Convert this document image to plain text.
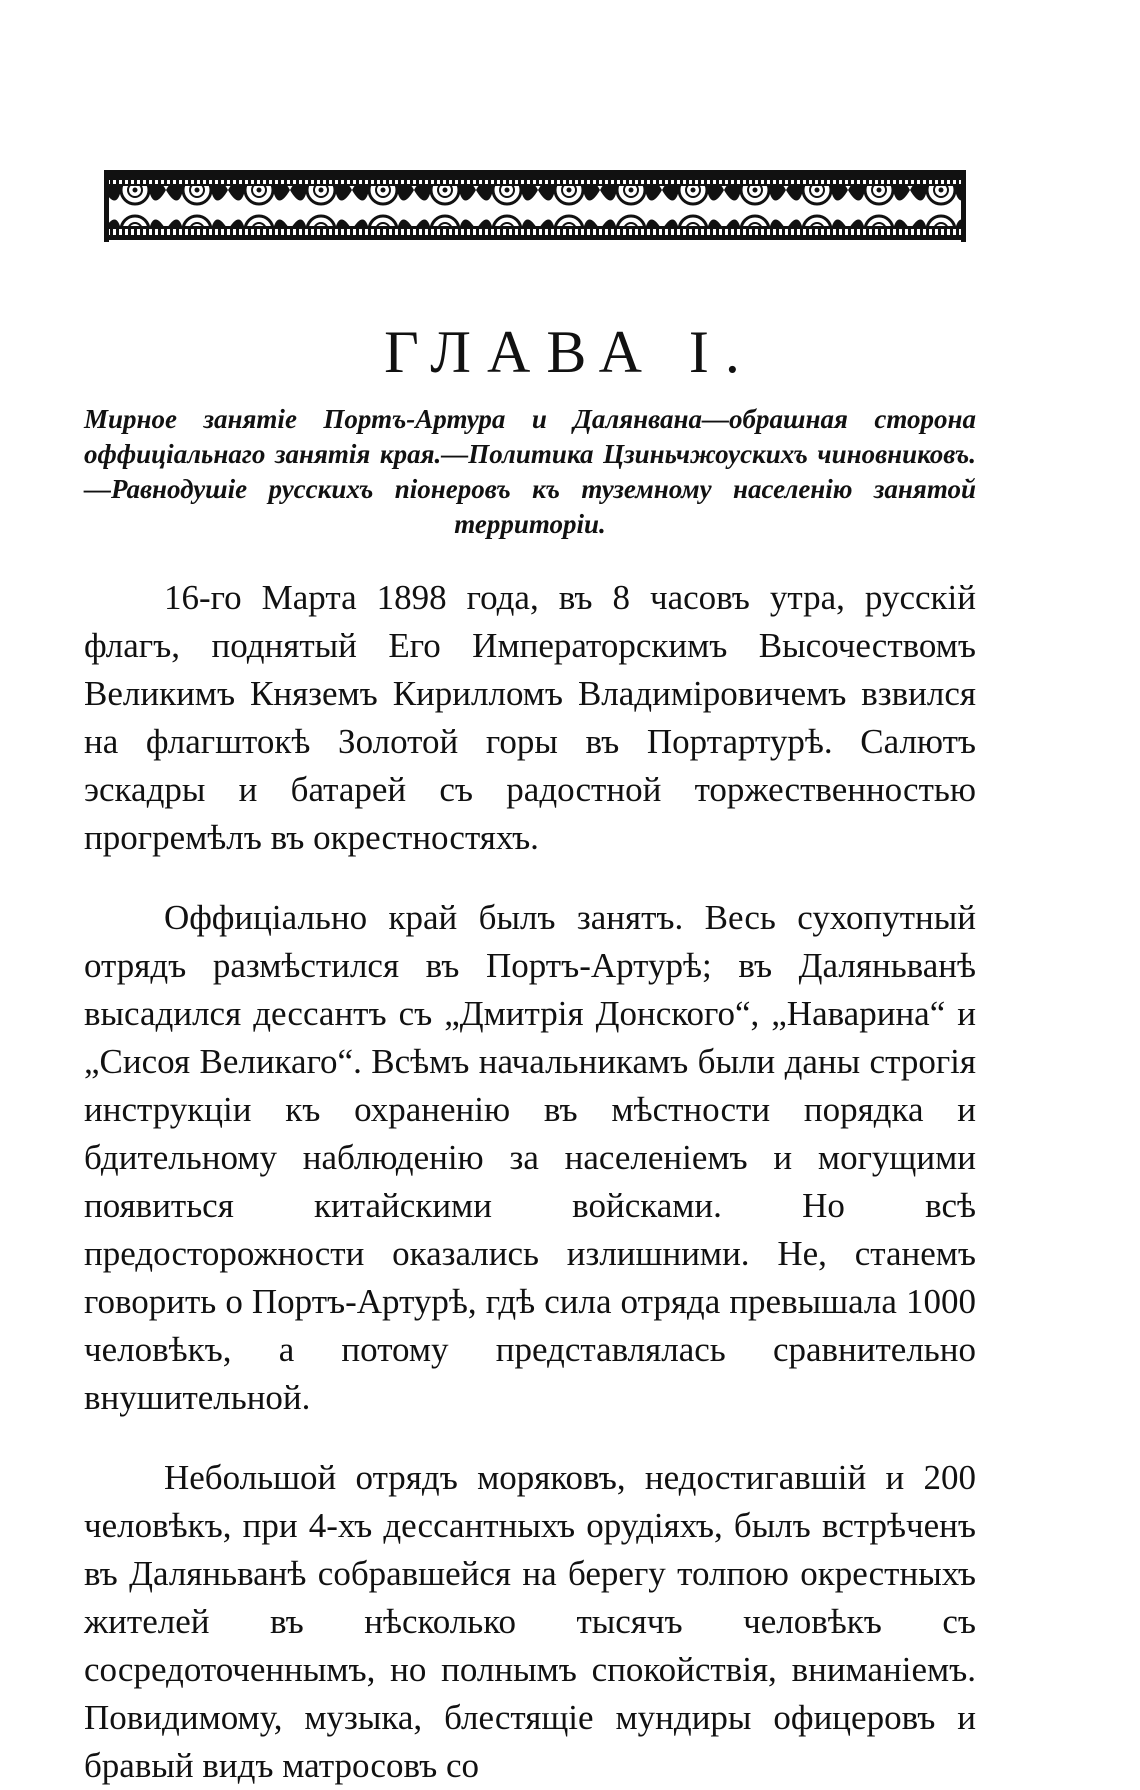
ГЛАВА I.
Мирное занятіе Портъ-Артура и Далянвана—обрашная сторона оффиціальнаго занятія края.—Политика Цзиньчжоускихъ чиновниковъ.—Равнодушіе русскихъ піонеровъ къ туземному населенію занятой территоріи.

16-го Марта 1898 года, въ 8 часовъ утра, русскій флагъ, поднятый Его Императорскимъ Высочествомъ Великимъ Княземъ Кирилломъ Владиміровичемъ взвился на флагштокѣ Золотой горы въ Портартурѣ. Салютъ эскадры и батарей съ радостной торжественностью прогремѣлъ въ окрестностяхъ.

Оффиціально край былъ занятъ. Весь сухопутный отрядъ размѣстился въ Портъ-Артурѣ; въ Даляньванѣ высадился дессантъ съ „Дмитрія Донского“, „Наварина“ и „Сисоя Великаго“. Всѣмъ начальникамъ были даны строгія инструкціи къ охраненію въ мѣстности порядка и бдительному наблюденію за населеніемъ и могущими появиться китайскими войсками. Но всѣ предосторожности оказались излишними. Не, станемъ говорить о Портъ-Артурѣ, гдѣ сила отряда превышала 1000 человѣкъ, а потому представлялась сравнительно внушительной.

Небольшой отрядъ моряковъ, недостигавшій и 200 человѣкъ, при 4-хъ дессантныхъ орудіяхъ, былъ встрѣченъ въ Даляньванѣ собравшейся на берегу толпою окрестныхъ жителей въ нѣсколько тысячъ человѣкъ съ сосредоточеннымъ, но полнымъ спокойствія, вниманіемъ. Повидимому, музыка, блестящіе мундиры офицеровъ и бравый видъ матросовъ со
